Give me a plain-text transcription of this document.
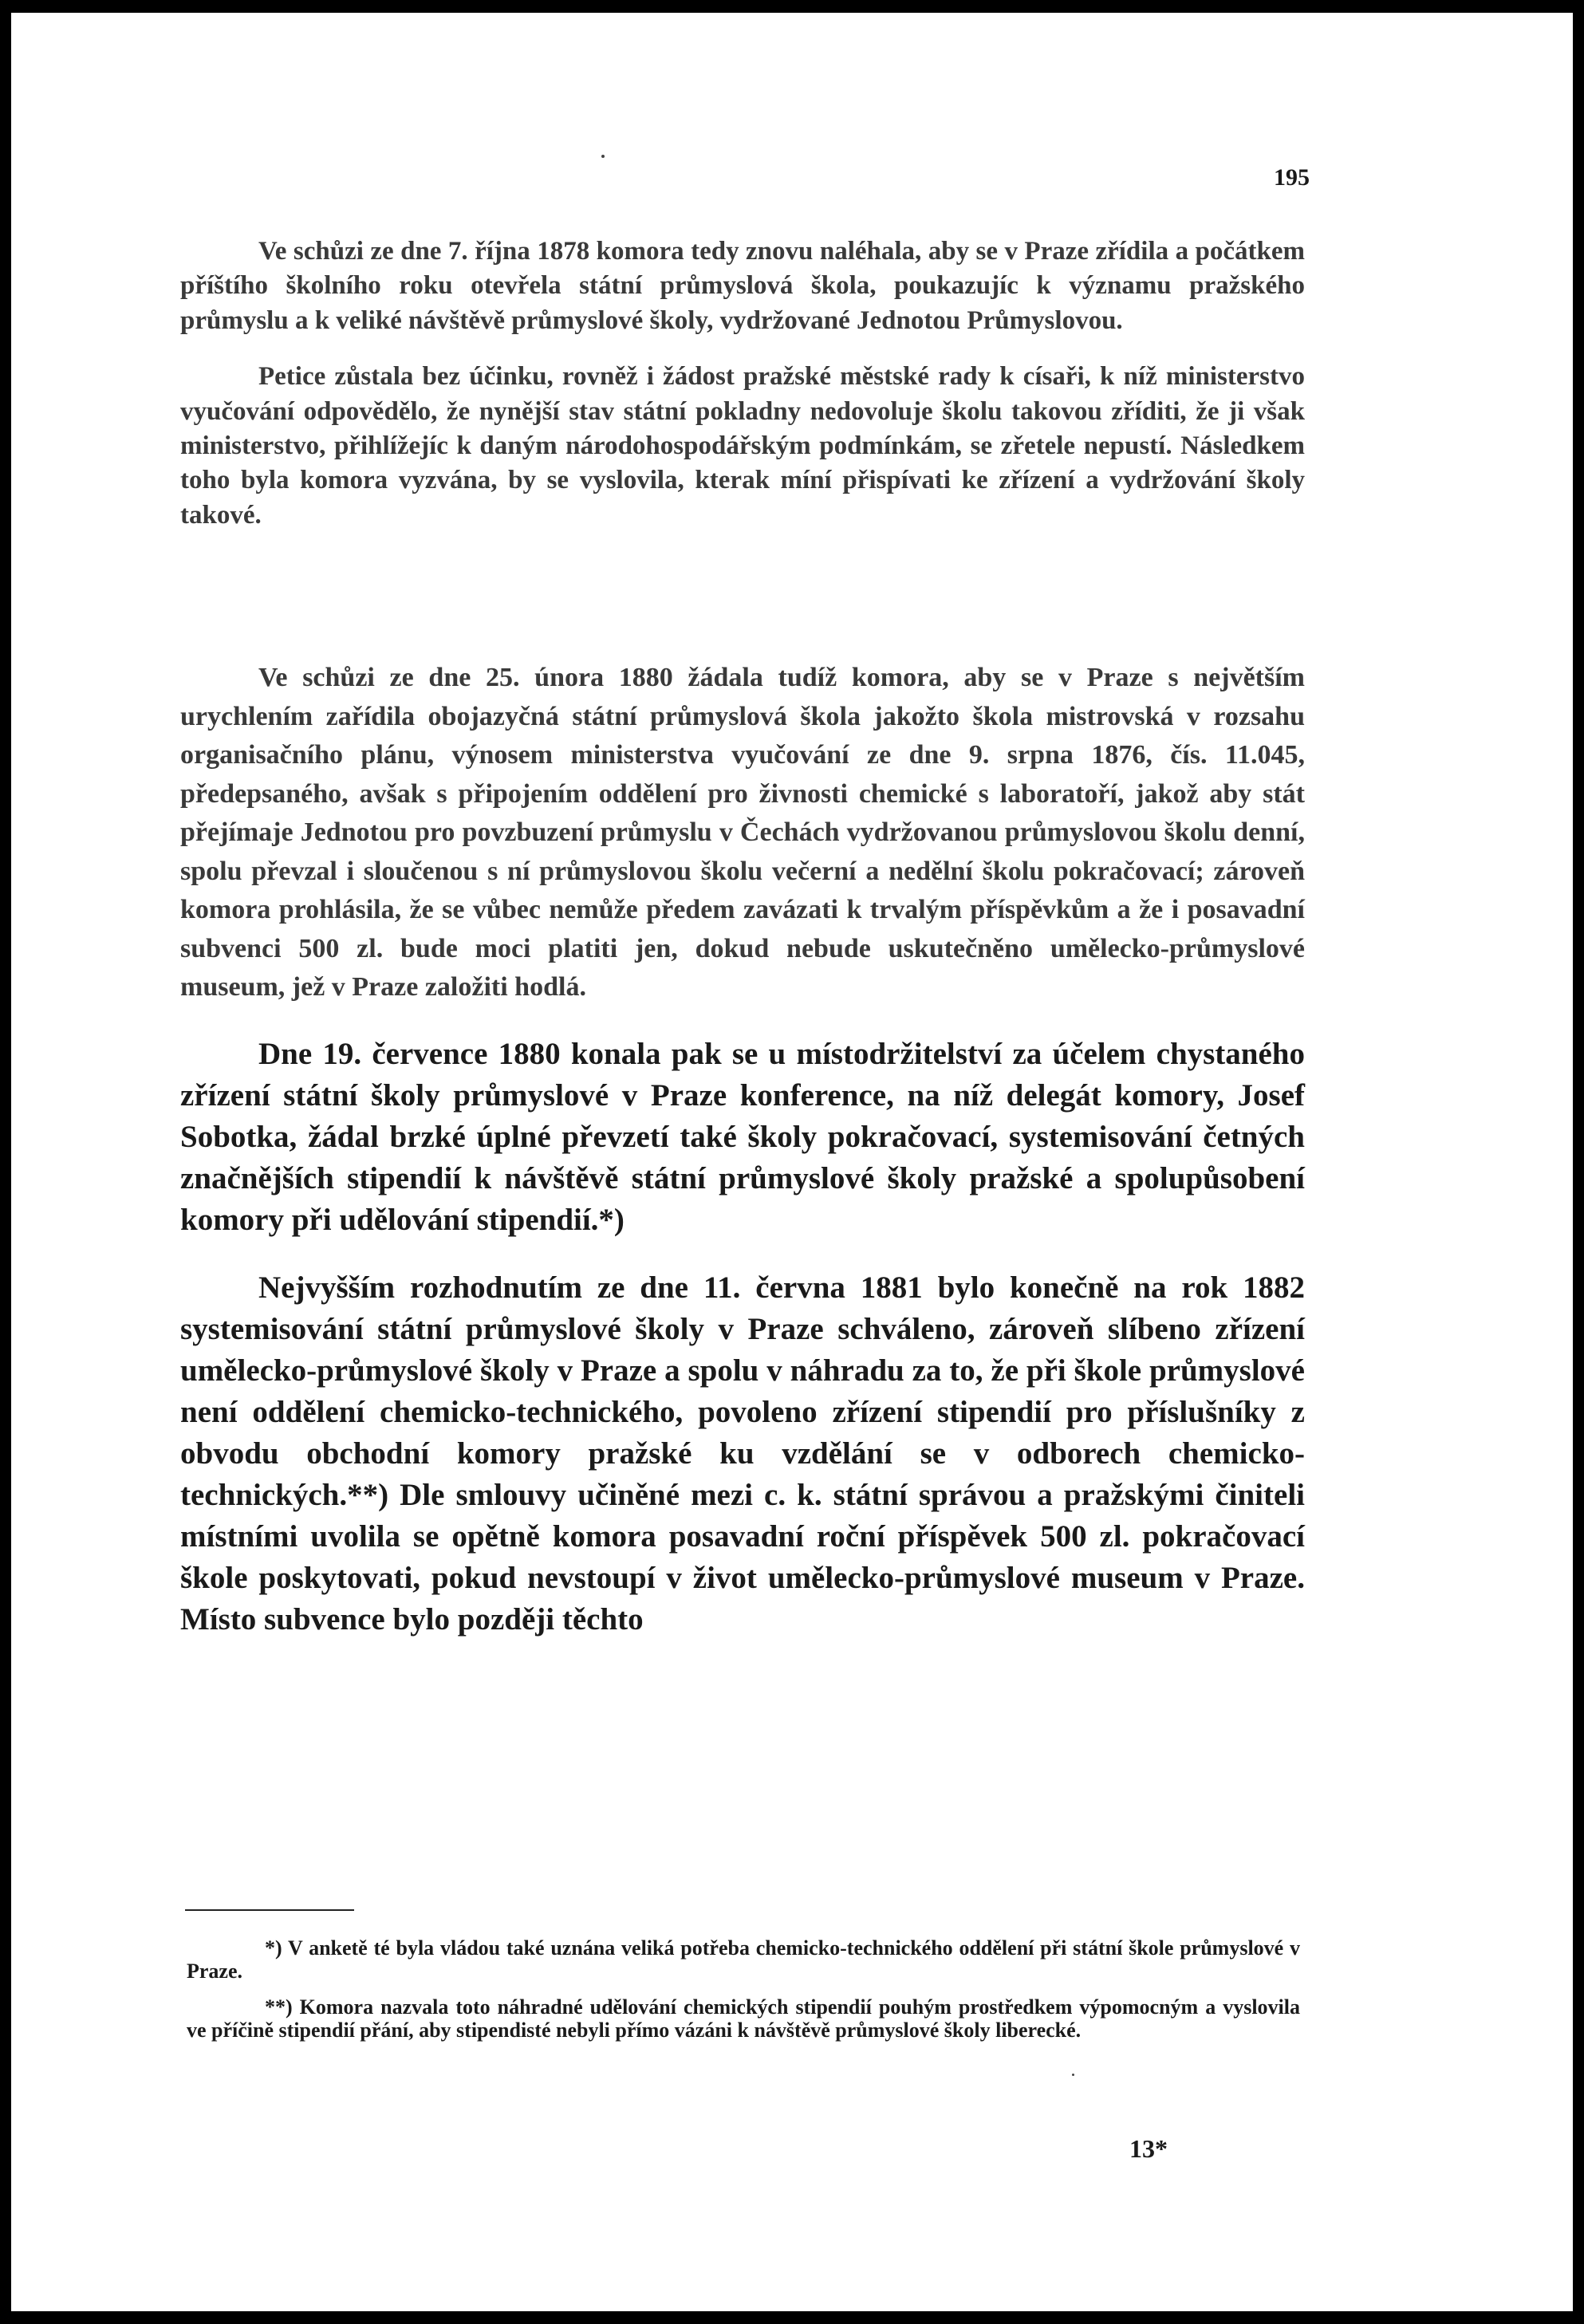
195

Ve schůzi ze dne 7. října 1878 komora tedy znovu naléhala, aby se v Praze zřídila a počátkem příštího školního roku otevřela státní průmyslová škola, poukazujíc k významu pražského průmyslu a k veliké návštěvě průmyslové školy, vydržované Jednotou Průmyslovou.

Petice zůstala bez účinku, rovněž i žádost pražské městské rady k císaři, k níž ministerstvo vyučování odpovědělo, že nynější stav státní pokladny nedovoluje školu takovou zříditi, že ji však ministerstvo, přihlížejíc k daným národohospodářským podmínkám, se zřetele nepustí. Následkem toho byla komora vyzvána, by se vyslovila, kterak míní přispívati ke zřízení a vydržování školy takové.

Ve schůzi ze dne 25. února 1880 žádala tudíž komora, aby se v Praze s největším urychlením zařídila obojazyčná státní průmyslová škola jakožto škola mistrovská v rozsahu organisačního plánu, výnosem ministerstva vyučování ze dne 9. srpna 1876, čís. 11.045, předepsaného, avšak s připojením oddělení pro živnosti chemické s laboratoří, jakož aby stát přejímaje Jednotou pro povzbuzení průmyslu v Čechách vydržovanou průmyslovou školu denní, spolu převzal i sloučenou s ní průmyslovou školu večerní a nedělní školu pokračovací; zároveň komora prohlásila, že se vůbec nemůže předem zavázati k trvalým příspěvkům a že i posavadní subvenci 500 zl. bude moci platiti jen, dokud nebude uskutečněno umělecko-průmyslové museum, jež v Praze založiti hodlá.

Dne 19. července 1880 konala pak se u místodržitelství za účelem chystaného zřízení státní školy průmyslové v Praze konference, na níž delegát komory, Josef Sobotka, žádal brzké úplné převzetí také školy pokračovací, systemisování četných značnějších stipendií k návštěvě státní průmyslové školy pražské a spolupůsobení komory při udělování stipendií.*)

Nejvyšším rozhodnutím ze dne 11. června 1881 bylo konečně na rok 1882 systemisování státní průmyslové školy v Praze schváleno, zároveň slíbeno zřízení umělecko-průmyslové školy v Praze a spolu v náhradu za to, že při škole průmyslové není oddělení chemicko-technického, povoleno zřízení stipendií pro příslušníky z obvodu obchodní komory pražské ku vzdělání se v odborech chemicko-technických.**) Dle smlouvy učiněné mezi c. k. státní správou a pražskými činiteli místními uvolila se opětně komora posavadní roční příspěvek 500 zl. pokračovací škole poskytovati, pokud nevstoupí v život umělecko-průmyslové museum v Praze. Místo subvence bylo později těchto

*) V anketě té byla vládou také uznána veliká potřeba chemicko-technického oddělení při státní škole průmyslové v Praze.

**) Komora nazvala toto náhradné udělování chemických stipendií pouhým prostředkem výpomocným a vyslovila ve příčině stipendií přání, aby stipendisté nebyli přímo vázáni k návštěvě průmyslové školy liberecké.

13*
